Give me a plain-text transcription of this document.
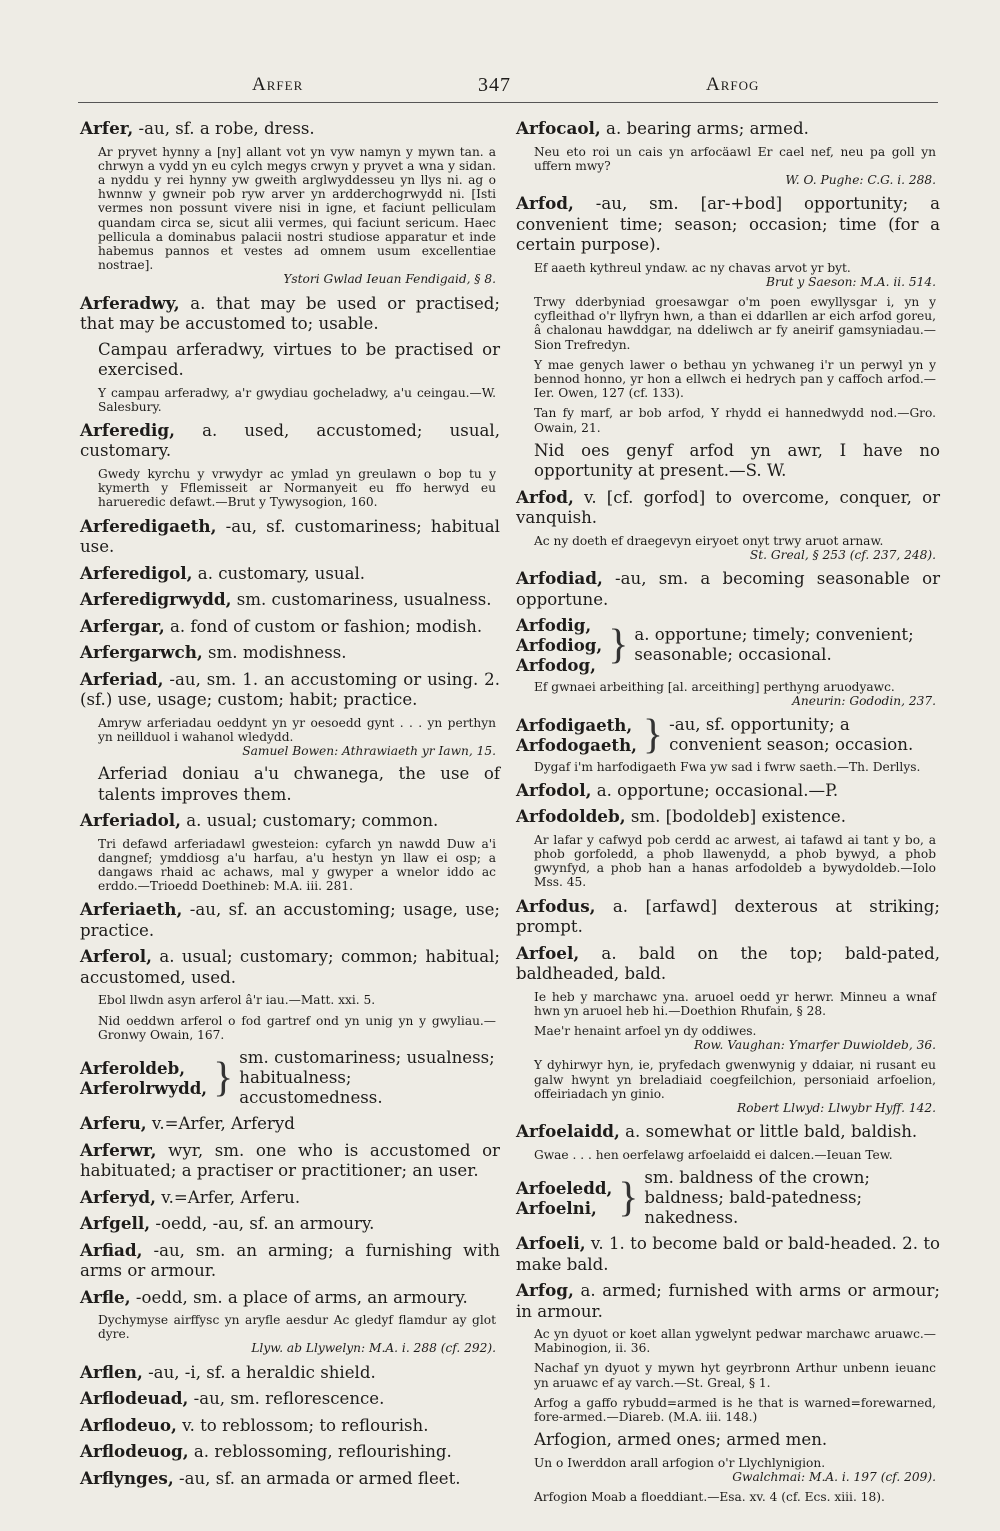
Arfer	347	Arfog

Arfer, -au, sf. a robe, dress.

Ar pryvet hynny a [ny] allant vot yn vyw namyn y mywn tan. a chrwyn a vydd yn eu cylch megys crwyn y pryvet a wna y sidan. a nyddu y rei hynny yw gweith arglwyddesseu yn llys ni. ag o hwnnw y gwneir pob ryw arver yn ardderchogrwydd ni. [Isti vermes non possunt vivere nisi in igne, et faciunt pelliculam quandam circa se, sicut alii vermes, qui faciunt sericum. Haec pellicula a dominabus palacii nostri studiose apparatur et inde habemus pannos et vestes ad omnem usum excellentiae nostrae].
Ystori Gwlad Ieuan Fendigaid, § 8.

Arferadwy, a. that may be used or practised; that may be accustomed to; usable.

Campau arferadwy, virtues to be practised or exercised.

Y campau arferadwy, a'r gwydiau gocheladwy, a'u ceingau.—W. Salesbury.

Arferedig, a. used, accustomed; usual, customary.

Gwedy kyrchu y vrwydyr ac ymlad yn greulawn o bop tu y kymerth y Fflemisseit ar Normanyeit eu ffo herwyd eu harueredic defawt.—Brut y Tywysogion, 160.

Arferedigaeth, -au, sf. customariness; habitual use.

Arferedigol, a. customary, usual.

Arferedigrwydd, sm. customariness, usualness.

Arfergar, a. fond of custom or fashion; modish.

Arfergarwch, sm. modishness.

Arferiad, -au, sm. 1. an accustoming or using. 2. (sf.) use, usage; custom; habit; practice.

Amryw arferiadau oeddynt yn yr oesoedd gynt . . . yn perthyn yn neillduol i wahanol wledydd.
Samuel Bowen: Athrawiaeth yr Iawn, 15.

Arferiad doniau a'u chwanega, the use of talents improves them.

Arferiadol, a. usual; customary; common.

Tri defawd arferiadawl gwesteion: cyfarch yn nawdd Duw a'i dangnef; ymddiosg a'u harfau, a'u hestyn yn llaw ei osp; a dangaws rhaid ac achaws, mal y gwyper a wnelor iddo ac erddo.—Trioedd Doethineb: M.A. iii. 281.

Arferiaeth, -au, sf. an accustoming; usage, use; practice.

Arferol, a. usual; customary; common; habitual; accustomed, used.

Ebol llwdn asyn arferol â'r iau.—Matt. xxi. 5.
Nid oeddwn arferol o fod gartref ond yn unig yn y gwyliau.—Gronwy Owain, 167.
Arferoldeb,
Arferolrwydd, } sm. customariness; usualness; habitualness; accustomedness.

Arferu, v.=Arfer, Arferyd

Arferwr, wyr, sm. one who is accustomed or habituated; a practiser or practitioner; an user.

Arferyd, v.=Arfer, Arferu.

Arfgell, -oedd, -au, sf. an armoury.

Arfiad, -au, sm. an arming; a furnishing with arms or armour.

Arfle, -oedd, sm. a place of arms, an armoury.

Dychymyse airffysc yn aryfle aesdur Ac gledyf flamdur ay glot dyre.
Llyw. ab Llywelyn: M.A. i. 288 (cf. 292).

Arflen, -au, -i, sf. a heraldic shield.

Arflodeuad, -au, sm. reflorescence.

Arflodeuo, v. to reblossom; to reflourish.

Arflodeuog, a. reblossoming, reflourishing.

Arflynges, -au, sf. an armada or armed fleet.

Arfocaol, a. bearing arms; armed.

Neu eto roi un cais yn arfocäawl Er cael nef, neu pa goll yn uffern mwy?
W. O. Pughe: C.G. i. 288.

Arfod, -au, sm. [ar-+bod] opportunity; a convenient time; season; occasion; time (for a certain purpose).

Ef aaeth kythreul yndaw. ac ny chavas arvot yr byt.
Brut y Saeson: M.A. ii. 514.
Trwy dderbyniad groesawgar o'm poen ewyllysgar i, yn y cyfleithad o'r llyfryn hwn, a than ei ddarllen ar eich arfod goreu, â chalonau hawddgar, na ddeliwch ar fy aneirif gamsyniadau.—Sion Trefredyn.
Y mae genych lawer o bethau yn ychwaneg i'r un perwyl yn y bennod honno, yr hon a ellwch ei hedrych pan y caffoch arfod.—Ier. Owen, 127 (cf. 133).
Tan fy marf, ar bob arfod, Y rhydd ei hannedwydd nod.—Gro. Owain, 21.

Nid oes genyf arfod yn awr, I have no opportunity at present.—S. W.

Arfod, v. [cf. gorfod] to overcome, conquer, or vanquish.

Ac ny doeth ef draegevyn eiryoet onyt trwy aruot arnaw.
St. Greal, § 253 (cf. 237, 248).

Arfodiad, -au, sm. a becoming seasonable or opportune.

Arfodig,
Arfodiog,
Arfodog, } a. opportune; timely; convenient; seasonable; occasional.
Ef gwnaei arbeithing [al. arceithing] perthyng aruodyawc.
Aneurin: Gododin, 237.
Arfodigaeth,
Arfodogaeth, } -au, sf. opportunity; a convenient season; occasion.
Dygaf i'm harfodigaeth Fwa yw sad i fwrw saeth.—Th. Derllys.

Arfodol, a. opportune; occasional.—P.

Arfodoldeb, sm. [bodoldeb] existence.

Ar lafar y cafwyd pob cerdd ac arwest, ai tafawd ai tant y bo, a phob gorfoledd, a phob llawenydd, a phob bywyd, a phob gwynfyd, a phob han a hanas arfodoldeb a bywydoldeb.—Iolo Mss. 45.

Arfodus, a. [arfawd] dexterous at striking; prompt.

Arfoel, a. bald on the top; bald-pated, baldheaded, bald.

Ie heb y marchawc yna. aruoel oedd yr herwr. Minneu a wnaf hwn yn aruoel heb hi.—Doethion Rhufain, § 28.
Mae'r henaint arfoel yn dy oddiwes.
Row. Vaughan: Ymarfer Duwioldeb, 36.
Y dyhirwyr hyn, ie, pryfedach gwenwynig y ddaiar, ni rusant eu galw hwynt yn breladiaid coegfeilchion, personiaid arfoelion, offeiriadach yn ginio.
Robert Llwyd: Llwybr Hyff. 142.

Arfoelaidd, a. somewhat or little bald, baldish.

Gwae . . . hen oerfelawg arfoelaidd ei dalcen.—Ieuan Tew.
Arfoeledd,
Arfoelni, } sm. baldness of the crown; baldness; bald-patedness; nakedness.

Arfoeli, v. 1. to become bald or bald-headed. 2. to make bald.

Arfog, a. armed; furnished with arms or armour; in armour.

Ac yn dyuot or koet allan ygwelynt pedwar marchawc aruawc.—Mabinogion, ii. 36.
Nachaf yn dyuot y mywn hyt geyrbronn Arthur unbenn ieuanc yn aruawc ef ay varch.—St. Greal, § 1.
Arfog a gaffo rybudd=armed is he that is warned=forewarned, fore-armed.—Diareb. (M.A. iii. 148.)

Arfogion, armed ones; armed men.

Un o Iwerddon arall arfogion o'r Llychlynigion.
Gwalchmai: M.A. i. 197 (cf. 209).
Arfogion Moab a floeddiant.—Esa. xv. 4 (cf. Ecs. xiii. 18).
